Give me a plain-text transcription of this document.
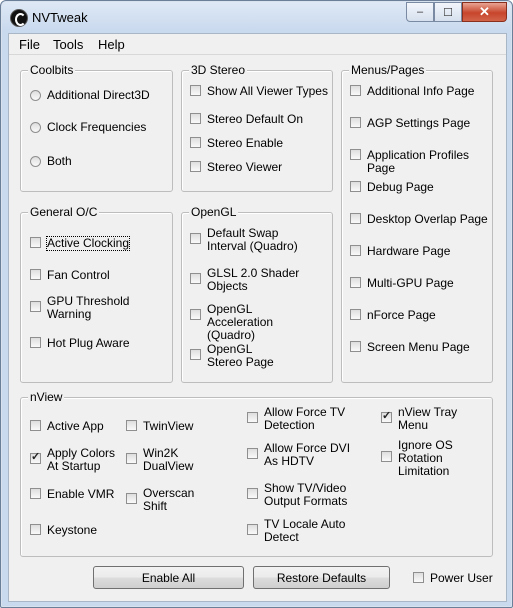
NVTweak	– ☐ ✕
File Tools Help
Coolbits
Additional Direct3D
Clock Frequencies
Both
3D Stereo
Show All Viewer Types
Stereo Default On
Stereo Enable
Stereo Viewer
Menus/Pages
Additional Info Page
AGP Settings Page
Application Profiles Page
Debug Page
Desktop Overlap Page
Hardware Page
Multi-GPU Page
nForce Page
Screen Menu Page
General O/C
Active Clocking
Fan Control
GPU Threshold Warning
Hot Plug Aware
OpenGL
Default Swap Interval (Quadro)
GLSL 2.0 Shader Objects
OpenGL Acceleration (Quadro)
OpenGL Stereo Page
nView
Active App
✓
Apply Colors At Startup
Enable VMR
Keystone
TwinView
Win2K DualView
Overscan Shift
Allow Force TV Detection
Allow Force DVI As HDTV
Show TV/Video Output Formats
TV Locale Auto Detect
✓
nView Tray Menu
Ignore OS Rotation Limitation
Enable All	Restore Defaults	Power User
